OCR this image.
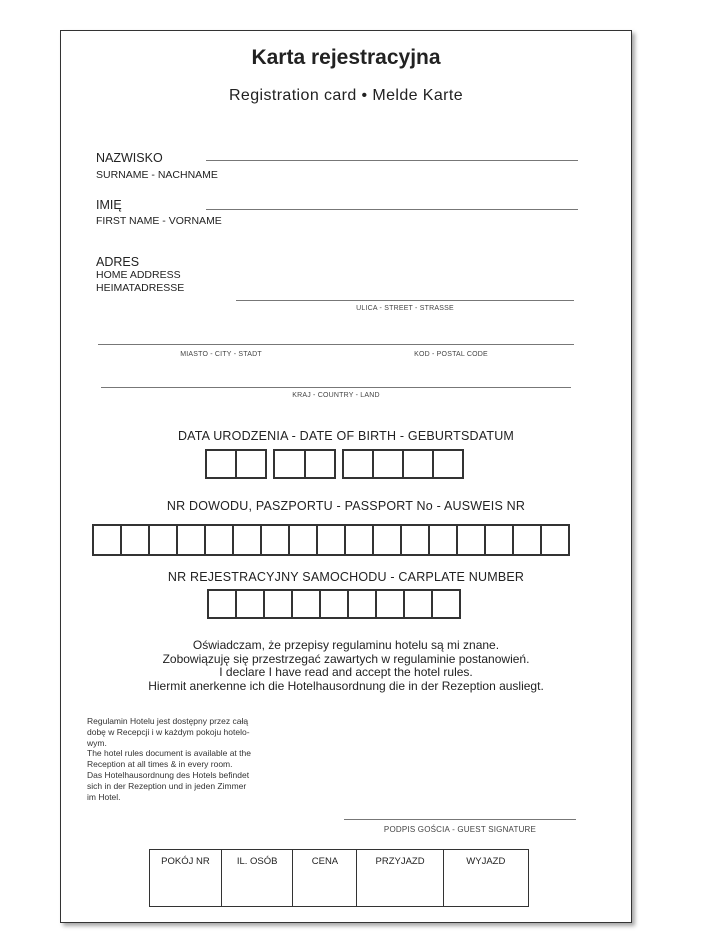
Karta rejestracyjna
Registration card • Melde Karte
NAZWISKO
SURNAME - NACHNAME
IMIĘ
FIRST NAME - VORNAME
ADRES
HOME ADDRESS
HEIMATADRESSE
ULICA - STREET - STRASSE
MIASTO - CITY - STADT	KOD - POSTAL CODE
KRAJ - COUNTRY - LAND
DATA URODZENIA - DATE OF BIRTH - GEBURTSDATUM
NR DOWODU, PASZPORTU - PASSPORT No - AUSWEIS NR
NR REJESTRACYJNY SAMOCHODU - CARPLATE NUMBER
Oświadczam, że przepisy regulaminu hotelu są mi znane.
Zobowiązuję się przestrzegać zawartych w regulaminie postanowień.
I declare I have read and accept the hotel rules.
Hiermit anerkenne ich die Hotelhausordnung die in der Rezeption ausliegt.
Regulamin Hotelu jest dostępny przez całą
dobę w Recepcji i w każdym pokoju hotelo-
wym.
The hotel rules document is available at the
Reception at all times & in every room.
Das Hotelhausordnung des Hotels befindet
sich in der Rezeption und in jeden Zimmer
im Hotel.
PODPIS GOŚCIA - GUEST SIGNATURE
POKÓJ NR	IL. OSÓB	CENA	PRZYJAZD	WYJAZD
